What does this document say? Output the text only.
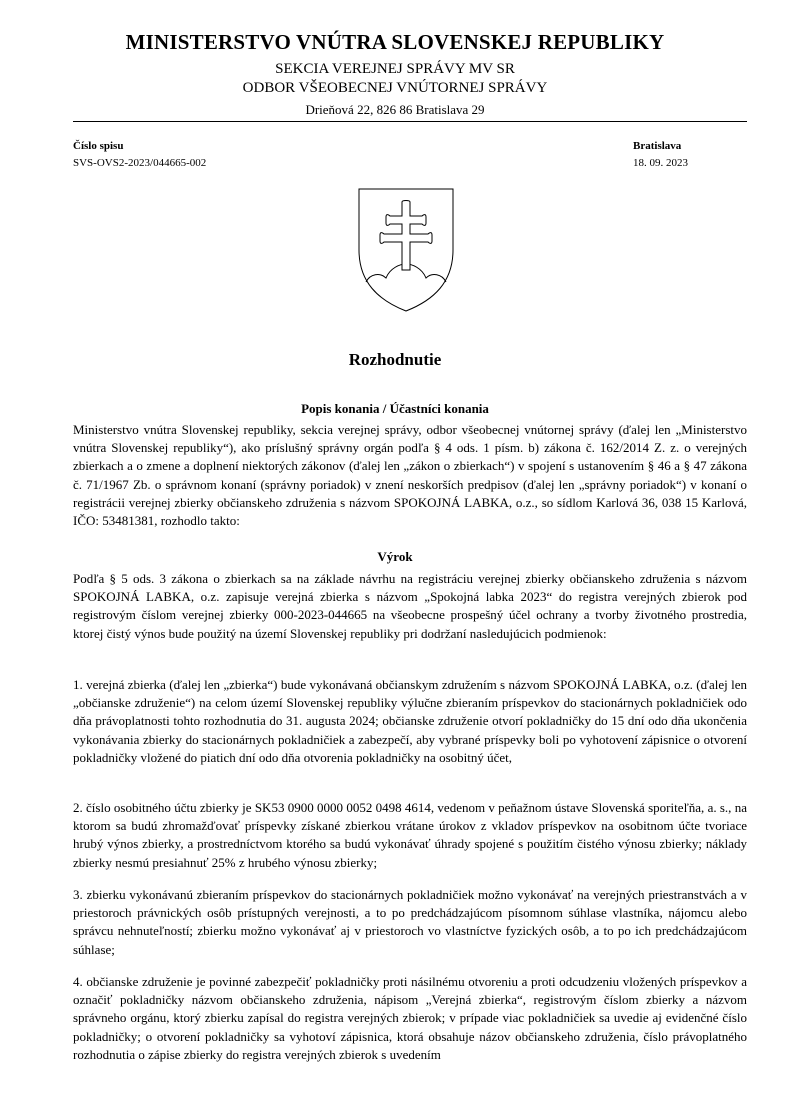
MINISTERSTVO VNÚTRA SLOVENSKEJ REPUBLIKY
SEKCIA VEREJNEJ SPRÁVY MV SR
ODBOR VŠEOBECNEJ VNÚTORNEJ SPRÁVY
Drieňová 22, 826 86 Bratislava 29
Číslo spisu
SVS-OVS2-2023/044665-002
Bratislava
18. 09. 2023
Rozhodnutie
Popis konania / Účastníci konania

Ministerstvo vnútra Slovenskej republiky, sekcia verejnej správy, odbor všeobecnej vnútornej správy (ďalej len „Ministerstvo vnútra Slovenskej republiky“), ako príslušný správny orgán podľa § 4 ods. 1 písm. b) zákona č. 162/2014 Z. z. o verejných zbierkach a o zmene a doplnení niektorých zákonov (ďalej len „zákon o zbierkach“) v spojení s ustanovením § 46 a § 47 zákona č. 71/1967 Zb. o správnom konaní (správny poriadok) v znení neskorších predpisov (ďalej len „správny poriadok“) v konaní o registrácii verejnej zbierky občianskeho združenia s názvom SPOKOJNÁ LABKA, o.z., so sídlom Karlová 36, 038 15 Karlová, IČO: 53481381, rozhodlo takto:

Výrok

Podľa § 5 ods. 3 zákona o zbierkach sa na základe návrhu na registráciu verejnej zbierky občianskeho združenia s názvom SPOKOJNÁ LABKA, o.z. zapisuje verejná zbierka s názvom „Spokojná labka 2023“ do registra verejných zbierok pod registrovým číslom verejnej zbierky 000-2023-044665 na všeobecne prospešný účel ochrany a tvorby životného prostredia, ktorej čistý výnos bude použitý na území Slovenskej republiky pri dodržaní nasledujúcich podmienok:

1. verejná zbierka (ďalej len „zbierka“) bude vykonávaná občianskym združením s názvom SPOKOJNÁ LABKA, o.z. (ďalej len „občianske združenie“) na celom území Slovenskej republiky výlučne zbieraním príspevkov do stacionárnych pokladničiek odo dňa právoplatnosti tohto rozhodnutia do 31. augusta 2024; občianske združenie otvorí pokladničky do 15 dní odo dňa ukončenia vykonávania zbierky do stacionárnych pokladničiek a zabezpečí, aby vybrané príspevky boli po vyhotovení zápisnice o otvorení pokladničky vložené do piatich dní odo dňa otvorenia pokladničky na osobitný účet,

2. číslo osobitného účtu zbierky je SK53 0900 0000 0052 0498 4614, vedenom v peňažnom ústave Slovenská sporiteľňa, a. s., na ktorom sa budú zhromažďovať príspevky získané zbierkou vrátane úrokov z vkladov príspevkov na osobitnom účte tvoriace hrubý výnos zbierky, a prostredníctvom ktorého sa budú vykonávať úhrady spojené s použitím čistého výnosu zbierky; náklady zbierky nesmú presiahnuť 25% z hrubého výnosu zbierky;

3. zbierku vykonávanú zbieraním príspevkov do stacionárnych pokladničiek možno vykonávať na verejných priestranstvách a v priestoroch právnických osôb prístupných verejnosti, a to po predchádzajúcom písomnom súhlase vlastníka, nájomcu alebo správcu nehnuteľností; zbierku možno vykonávať aj v priestoroch vo vlastníctve fyzických osôb, a to po ich predchádzajúcom súhlase;

4. občianske združenie je povinné zabezpečiť pokladničky proti násilnému otvoreniu a proti odcudzeniu vložených príspevkov a označiť pokladničky názvom občianskeho združenia, nápisom „Verejná zbierka“, registrovým číslom zbierky a názvom správneho orgánu, ktorý zbierku zapísal do registra verejných zbierok; v prípade viac pokladničiek sa uvedie aj evidenčné číslo pokladničky; o otvorení pokladničky sa vyhotoví zápisnica, ktorá obsahuje názov občianskeho združenia, číslo právoplatného rozhodnutia o zápise zbierky do registra verejných zbierok s uvedením
